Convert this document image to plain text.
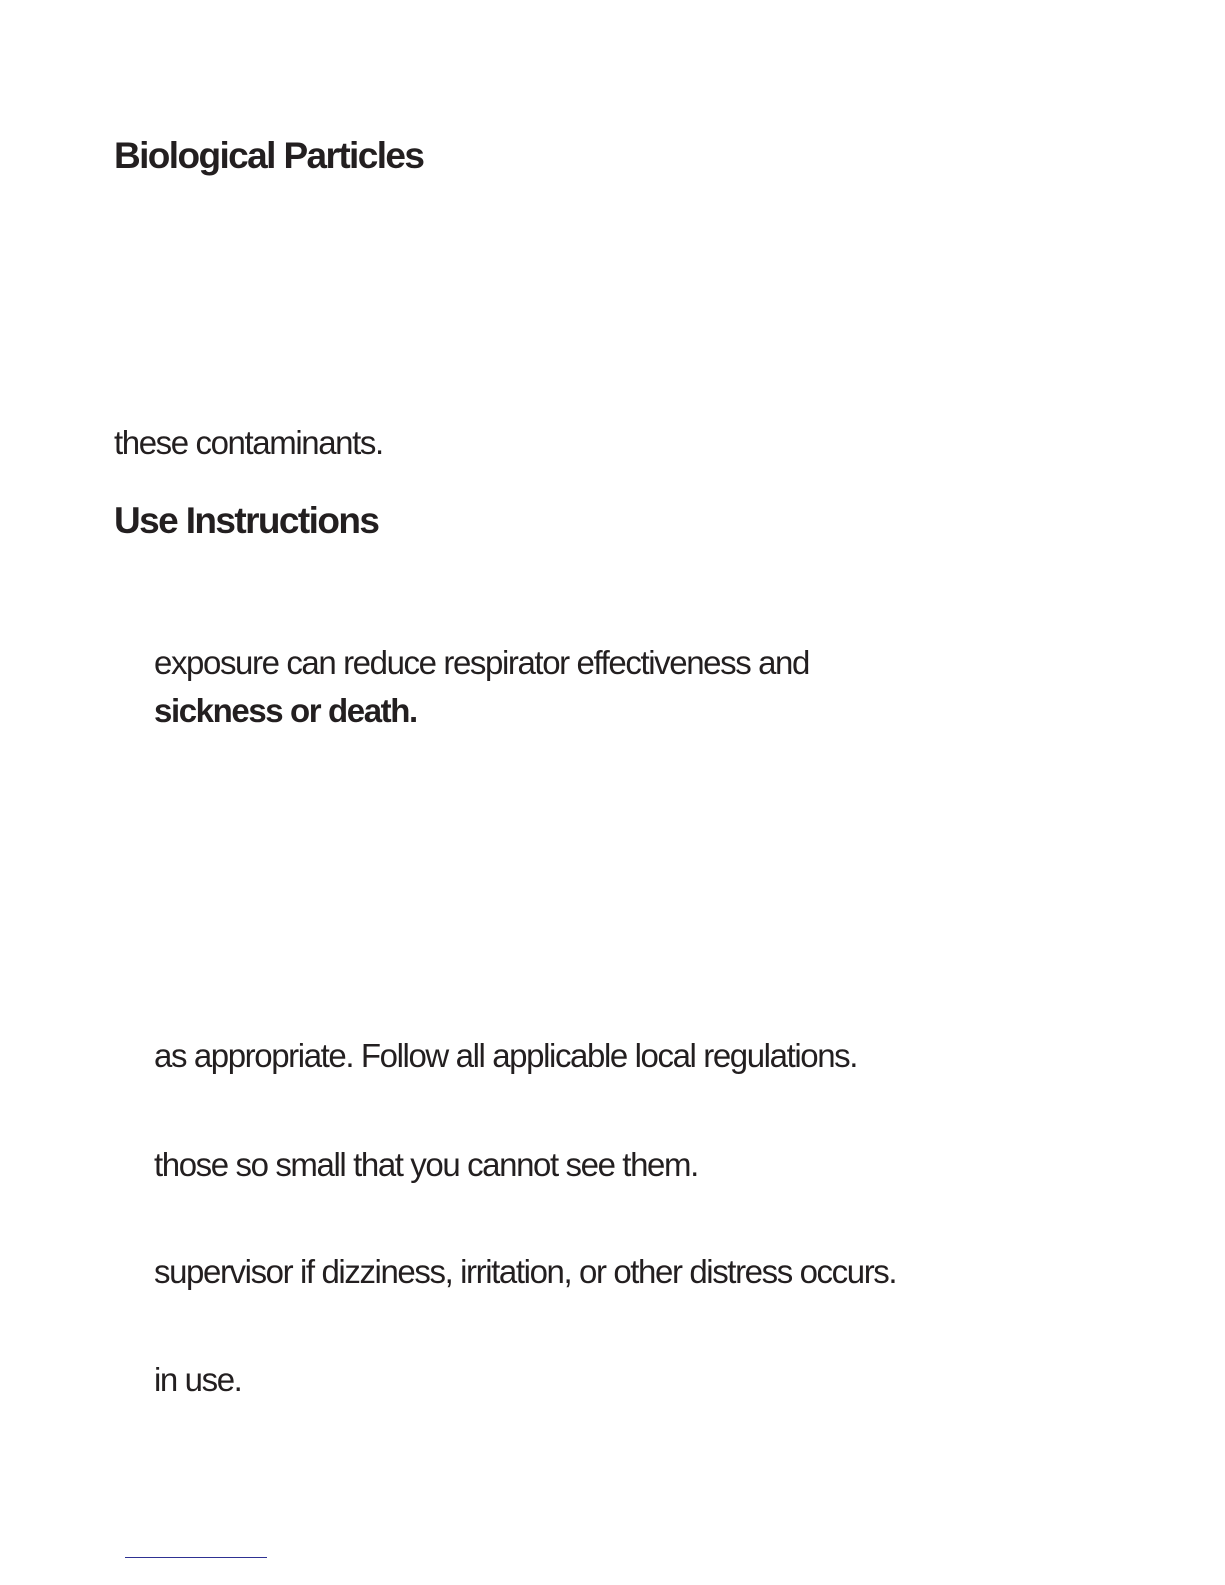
Biological Particles

these contaminants.

Use Instructions

exposure can reduce respirator effectiveness and

sickness or death.

as appropriate. Follow all applicable local regulations.

those so small that you cannot see them.

supervisor if dizziness, irritation, or other distress occurs.

in use.
